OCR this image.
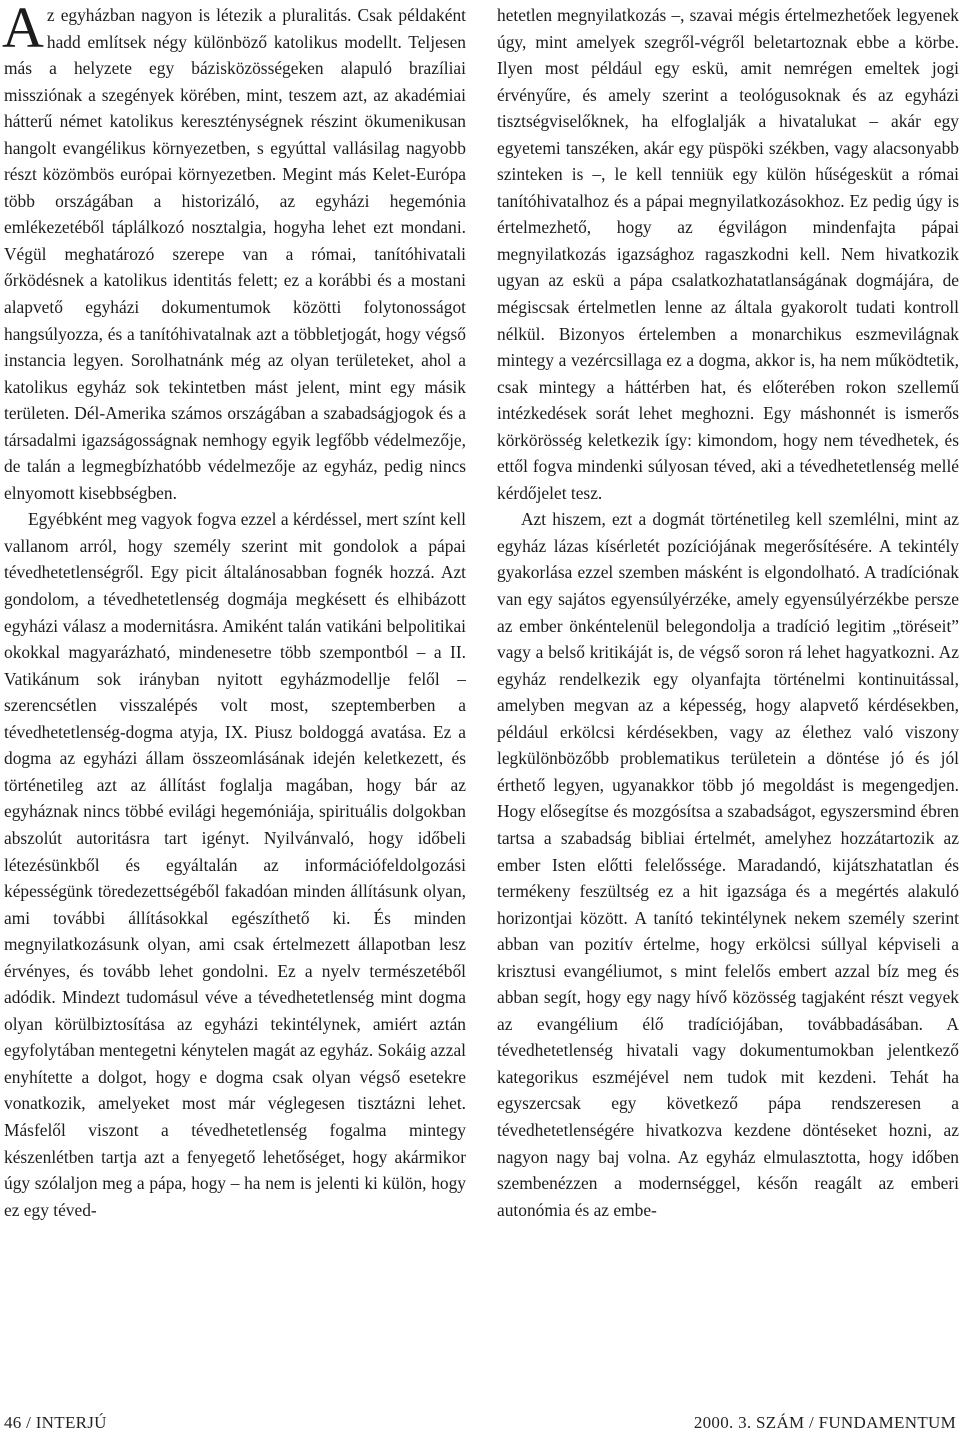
Az egyházban nagyon is létezik a pluralitás. Csak példaként hadd említsek négy különböző katolikus modellt. Teljesen más a helyzete egy bázisközösségeken alapuló brazíliai missziónak a szegények körében, mint, teszem azt, az akadémiai hátterű német katolikus kereszténységnek részint ökumenikusan hangolt evangélikus környezetben, s egyúttal vallásilag nagyobb részt közömbös európai környezetben. Megint más Kelet-Európa több országában a historizáló, az egyházi hegemónia emlékezetéből táplálkozó nosztalgia, hogyha lehet ezt mondani. Végül meghatározó szerepe van a római, tanítóhivatali őrködésnek a katolikus identitás felett; ez a korábbi és a mostani alapvető egyházi dokumentumok közötti folytonosságot hangsúlyozza, és a tanítóhivatalnak azt a többletjogát, hogy végső instancia legyen. Sorolhatnánk még az olyan területeket, ahol a katolikus egyház sok tekintetben mást jelent, mint egy másik területen. Dél-Amerika számos országában a szabadságjogok és a társadalmi igazságosságnak nemhogy egyik legfőbb védelmezője, de talán a legmegbízhatóbb védelmezője az egyház, pedig nincs elnyomott kisebbségben.

Egyébként meg vagyok fogva ezzel a kérdéssel, mert színt kell vallanom arról, hogy személy szerint mit gondolok a pápai tévedhetetlenségről. Egy picit általánosabban fognék hozzá. Azt gondolom, a tévedhetetlenség dogmája megkésett és elhibázott egyházi válasz a modernitásra. Amiként talán vatikáni belpolitikai okokkal magyarázható, mindenesetre több szempontból – a II. Vatikánum sok irányban nyitott egyházmodellje felől – szerencsétlen visszalépés volt most, szeptemberben a tévedhetetlenség-dogma atyja, IX. Piusz boldoggá avatása. Ez a dogma az egyházi állam összeomlásának idején keletkezett, és történetileg azt az állítást foglalja magában, hogy bár az egyháznak nincs többé evilági hegemóniája, spirituális dolgokban abszolút autoritásra tart igényt. Nyilvánvaló, hogy időbeli létezésünkből és egyáltalán az információfeldolgozási képességünk töredezettségéből fakadóan minden állításunk olyan, ami további állításokkal egészíthető ki. És minden megnyilatkozásunk olyan, ami csak értelmezett állapotban lesz érvényes, és tovább lehet gondolni. Ez a nyelv természetéből adódik. Mindezt tudomásul véve a tévedhetetlenség mint dogma olyan körülbiztosítása az egyházi tekintélynek, amiért aztán egyfolytában mentegetni kénytelen magát az egyház. Sokáig azzal enyhítette a dolgot, hogy e dogma csak olyan végső esetekre vonatkozik, amelyeket most már véglegesen tisztázni lehet. Másfelől viszont a tévedhetetlenség fogalma mintegy készenlétben tartja azt a fenyegető lehetőséget, hogy akármikor úgy szólaljon meg a pápa, hogy – ha nem is jelenti ki külön, hogy ez egy téved-

hetetlen megnyilatkozás –, szavai mégis értelmezhetőek legyenek úgy, mint amelyek szegről-végről beletartoznak ebbe a körbe. Ilyen most például egy eskü, amit nemrégen emeltek jogi érvényűre, és amely szerint a teológusoknak és az egyházi tisztségviselőknek, ha elfoglalják a hivatalukat – akár egy egyetemi tanszéken, akár egy püspöki székben, vagy alacsonyabb szinteken is –, le kell tenniük egy külön hűségesküt a római tanítóhivatalhoz és a pápai megnyilatkozásokhoz. Ez pedig úgy is értelmezhető, hogy az égvilágon mindenfajta pápai megnyilatkozás igazsághoz ragaszkodni kell. Nem hivatkozik ugyan az eskü a pápa csalatkozhatatlanságának dogmájára, de mégiscsak értelmetlen lenne az általa gyakorolt tudati kontroll nélkül. Bizonyos értelemben a monarchikus eszmevilágnak mintegy a vezércsillaga ez a dogma, akkor is, ha nem működtetik, csak mintegy a háttérben hat, és előterében rokon szellemű intézkedések sorát lehet meghozni. Egy máshonnét is ismerős körkörösség keletkezik így: kimondom, hogy nem tévedhetek, és ettől fogva mindenki súlyosan téved, aki a tévedhetetlenség mellé kérdőjelet tesz.

Azt hiszem, ezt a dogmát történetileg kell szemlélni, mint az egyház lázas kísérletét pozíciójának megerősítésére. A tekintély gyakorlása ezzel szemben másként is elgondolható. A tradíciónak van egy sajátos egyensúlyérzéke, amely egyensúlyérzékbe persze az ember önkéntelenül belegondolja a tradíció legitim „töréseit” vagy a belső kritikáját is, de végső soron rá lehet hagyatkozni. Az egyház rendelkezik egy olyanfajta történelmi kontinuitással, amelyben megvan az a képesség, hogy alapvető kérdésekben, például erkölcsi kérdésekben, vagy az élethez való viszony legkülönbözőbb problematikus területein a döntése jó és jól érthető legyen, ugyanakkor több jó megoldást is megengedjen. Hogy elősegítse és mozgósítsa a szabadságot, egyszersmind ébren tartsa a szabadság bibliai értelmét, amelyhez hozzátartozik az ember Isten előtti felelőssége. Maradandó, kijátszhatatlan és termékeny feszültség ez a hit igazsága és a megértés alakuló horizontjai között. A tanító tekintélynek nekem személy szerint abban van pozitív értelme, hogy erkölcsi súllyal képviseli a krisztusi evangéliumot, s mint felelős embert azzal bíz meg és abban segít, hogy egy nagy hívő közösség tagjaként részt vegyek az evangélium élő tradíciójában, továbbadásában. A tévedhetetlenség hivatali vagy dokumentumokban jelentkező kategorikus eszméjével nem tudok mit kezdeni. Tehát ha egyszercsak egy következő pápa rendszeresen a tévedhetetlenségére hivatkozva kezdene döntéseket hozni, az nagyon nagy baj volna. Az egyház elmulasztotta, hogy időben szembenézzen a modernséggel, későn reagált az emberi autonómia és az embe-

46 / INTERJÚ	2000. 3. SZÁM / FUNDAMENTUM
